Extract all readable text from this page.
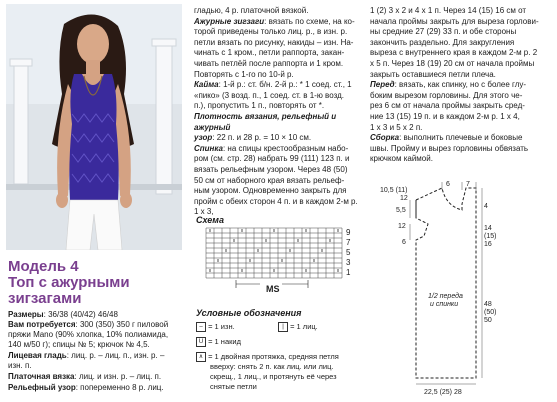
Модель 4
Топ с ажурными
зигзагами
Размеры: 36/38 (40/42) 46/48
Вам потребуется: 300 (350) 350 г пиловой
пряжи Mano (90% хлопка, 10% полиамида,
140 м/50 г); спицы № 5; крючок № 4,5.
Лицевая гладь: лиц. р. – лиц. п., изн. р. –
изн. п.
Платочная вязка: лиц. и изн. р. – лиц. п.
Рельефный узор: попеременно 8 р. лиц.
гладью, 4 р. платочной вязкой.
Ажурные зигзаги: вязать по схеме, на ко-
торой приведены только лиц. р., в изн. р.
петли вязать по рисунку, накиды – изн. На-
чинать с 1 кром., петли раппорта, закан-
чивать петлёй после раппорта и 1 кром.
Повторять с 1-го по 10-й р.
Кайма: 1-й р.: ст. б/н. 2-й р.: * 1 соед. ст., 1
«пико» (3 возд. п., 1 соед. ст. в 1-ю возд.
п.), пропустить 1 п., повторять от *.
Плотность вязания, рельефный и ажурный
узор: 22 п. и 28 р. = 10 × 10 см.
Спинка: на спицы крестообразным набо-
ром (см. стр. 28) набрать 99 (111) 123 п. и
вязать рельефным узором. Через 48 (50)
50 см от наборного края вязать рельеф-
ным узором. Одновременно закрыть для
пройм с обеих сторон 4 п. и в каждом 2-м р. 1 х 3,
Схема
9
7
5
3
1
MS
Условные обозначения
– = 1 изн.	| = 1 лиц.
U = 1 накид
∧ = 1 двойная протяжка, средняя петля
вверху: снять 2 п. как лиц. или лиц.
скрещ., 1 лиц., и протянуть её через
снятые петли
1 (2) 3 х 2 и 4 х 1 п. Через 14 (15) 16 см от
начала проймы закрыть для выреза горлови-
ны средние 27 (29) 33 п. и обе стороны
закончить раздельно. Для закругления
выреза с внутреннего края в каждом 2-м р. 2
х 5 п. Через 18 (19) 20 см от начала проймы
закрыть оставшиеся петли плеча.
Перед: вязать, как спинку, но с более глу-
боким вырезом горловины. Для этого че-
рез 6 см от начала проймы закрыть сред-
ние 13 (15) 19 п. и в каждом 2-м р. 1 х 4,
1 х 3 и 5 х 2 п.
Сборка: выполнить плечевые и боковые
швы. Пройму и вырез горловины обвязать
крючком каймой.
6 7
10,5 (11)
12
5,5
12
6
4
14
(15)
16
1/2 переда
и спинки	48
(50)
50
22,5 (25) 28
